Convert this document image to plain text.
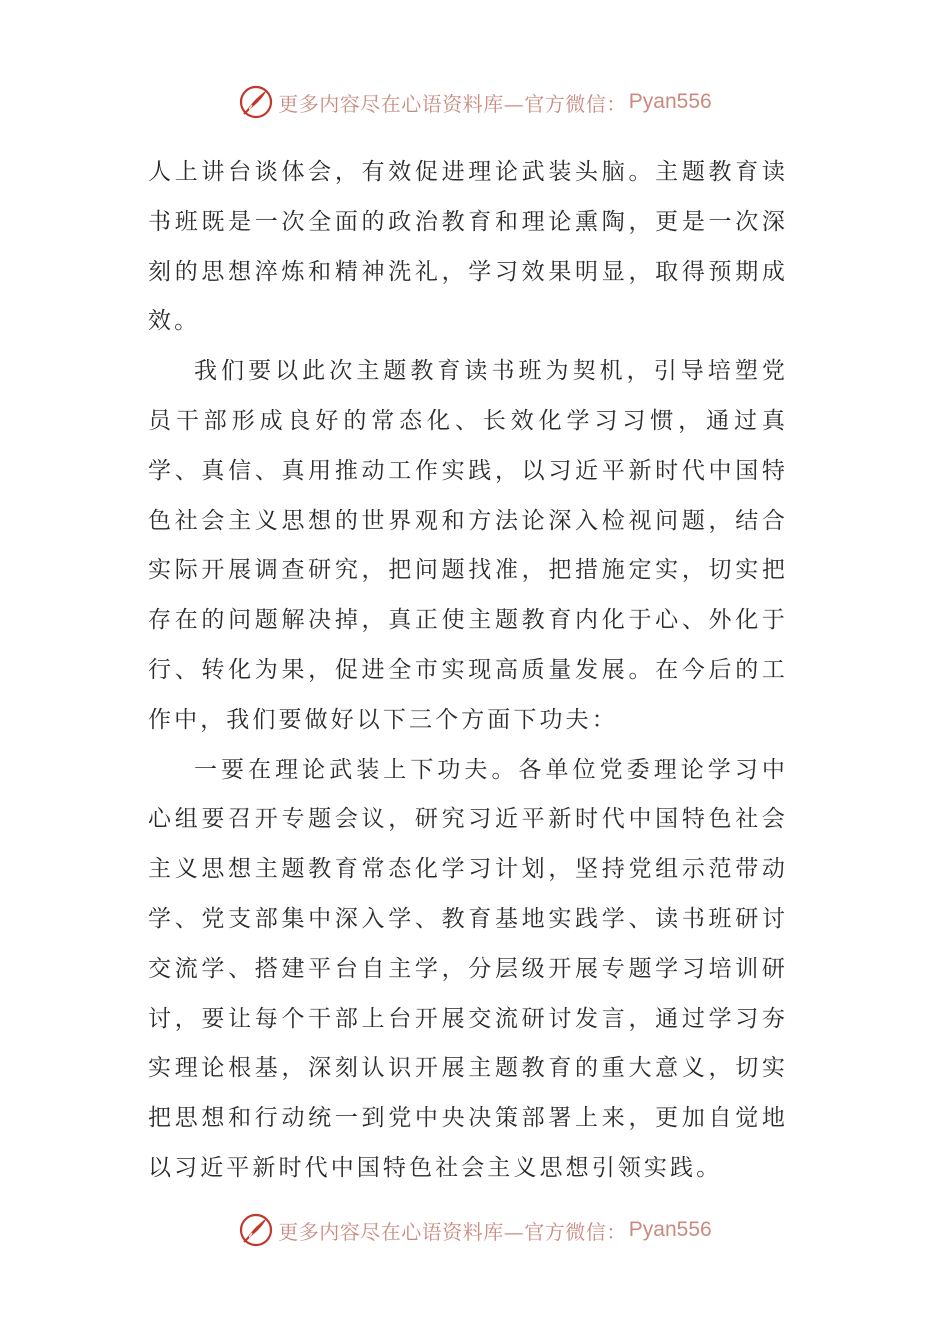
更多内容尽在心语资料库—官方微信： Pyan556

人上讲台谈体会，有效促进理论武装头脑。主题教育读书班既是一次全面的政治教育和理论熏陶，更是一次深刻的思想淬炼和精神洗礼，学习效果明显，取得预期成效。

我们要以此次主题教育读书班为契机，引导培塑党员干部形成良好的常态化、长效化学习习惯，通过真学、真信、真用推动工作实践，以习近平新时代中国特色社会主义思想的世界观和方法论深入检视问题，结合实际开展调查研究，把问题找准，把措施定实，切实把存在的问题解决掉，真正使主题教育内化于心、外化于行、转化为果，促进全市实现高质量发展。在今后的工作中，我们要做好以下三个方面下功夫：

一要在理论武装上下功夫。各单位党委理论学习中心组要召开专题会议，研究习近平新时代中国特色社会主义思想主题教育常态化学习计划，坚持党组示范带动学、党支部集中深入学、教育基地实践学、读书班研讨交流学、搭建平台自主学，分层级开展专题学习培训研讨，要让每个干部上台开展交流研讨发言，通过学习夯实理论根基，深刻认识开展主题教育的重大意义，切实把思想和行动统一到党中央决策部署上来，更加自觉地以习近平新时代中国特色社会主义思想引领实践。

更多内容尽在心语资料库—官方微信： Pyan556
